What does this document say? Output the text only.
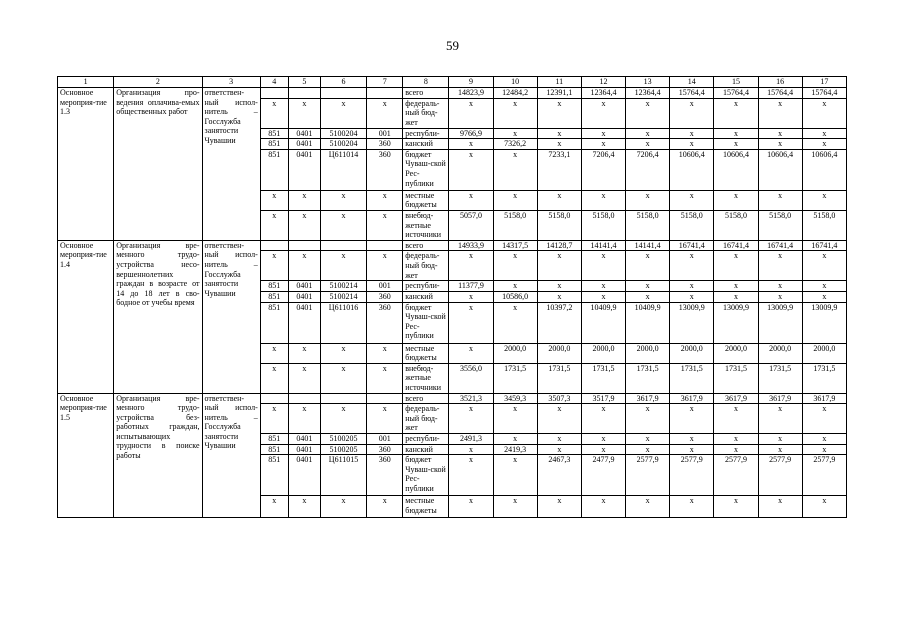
59
1	2	3	4	5	6	7	8	9	10	11	12	13	14	15	16	17
Основное мероприя-тие 1.3	Организация про-ведения оплачива-емых общественных работ	ответствен-ный испол-нитель – Госслужба занятости Чувашии					всего	14823,9	12484,2	12391,1	12364,4	12364,4	15764,4	15764,4	15764,4	15764,4
			x	x	x	x	федераль-ный бюд-жет	x	x	x	x	x	x	x	x	x
			851	0401	5100204	001	республи-	9766,9	x	x	x	x	x	x	x	x
			851	0401	5100204	360	канский	x	7326,2	x	x	x	x	x	x	x
			851	0401	Ц611014	360	бюджет Чуваш-ской Рес-публики	x	x	7233,1	7206,4	7206,4	10606,4	10606,4	10606,4	10606,4
			x	x	x	x	местные бюджеты	x	x	x	x	x	x	x	x	x
			x	x	x	x	внебюд-жетные источники	5057,0	5158,0	5158,0	5158,0	5158,0	5158,0	5158,0	5158,0	5158,0
Основное мероприя-тие 1.4	Организация вре-менного трудо-устройства несо-вершеннолетних граждан в возрасте от 14 до 18 лет в сво-бодное от учебы время	ответствен-ный испол-нитель – Госслужба занятости Чувашии					всего	14933,9	14317,5	14128,7	14141,4	14141,4	16741,4	16741,4	16741,4	16741,4
			x	x	x	x	федераль-ный бюд-жет	x	x	x	x	x	x	x	x	x
			851	0401	5100214	001	республи-	11377,9	x	x	x	x	x	x	x	x
			851	0401	5100214	360	канский	x	10586,0	x	x	x	x	x	x	x
			851	0401	Ц611016	360	бюджет Чуваш-ской Рес-публики	x	x	10397,2	10409,9	10409,9	13009,9	13009,9	13009,9	13009,9
			x	x	x	x	местные бюджеты	x	2000,0	2000,0	2000,0	2000,0	2000,0	2000,0	2000,0	2000,0
			x	x	x	x	внебюд-жетные источники	3556,0	1731,5	1731,5	1731,5	1731,5	1731,5	1731,5	1731,5	1731,5
Основное мероприя-тие 1.5	Организация вре-менного трудо-устройства без-работных граждан, испытывающих трудности в поиске работы	ответствен-ный испол-нитель – Госслужба занятости Чувашии					всего	3521,3	3459,3	3507,3	3517,9	3617,9	3617,9	3617,9	3617,9	3617,9
			x	x	x	x	федераль-ный бюд-жет	x	x	x	x	x	x	x	x	x
			851	0401	5100205	001	республи-	2491,3	x	x	x	x	x	x	x	x
			851	0401	5100205	360	канский	x	2419,3	x	x	x	x	x	x	x
			851	0401	Ц611015	360	бюджет Чуваш-ской Рес-публики	x	x	2467,3	2477,9	2577,9	2577,9	2577,9	2577,9	2577,9
			x	x	x	x	местные бюджеты	x	x	x	x	x	x	x	x	x
